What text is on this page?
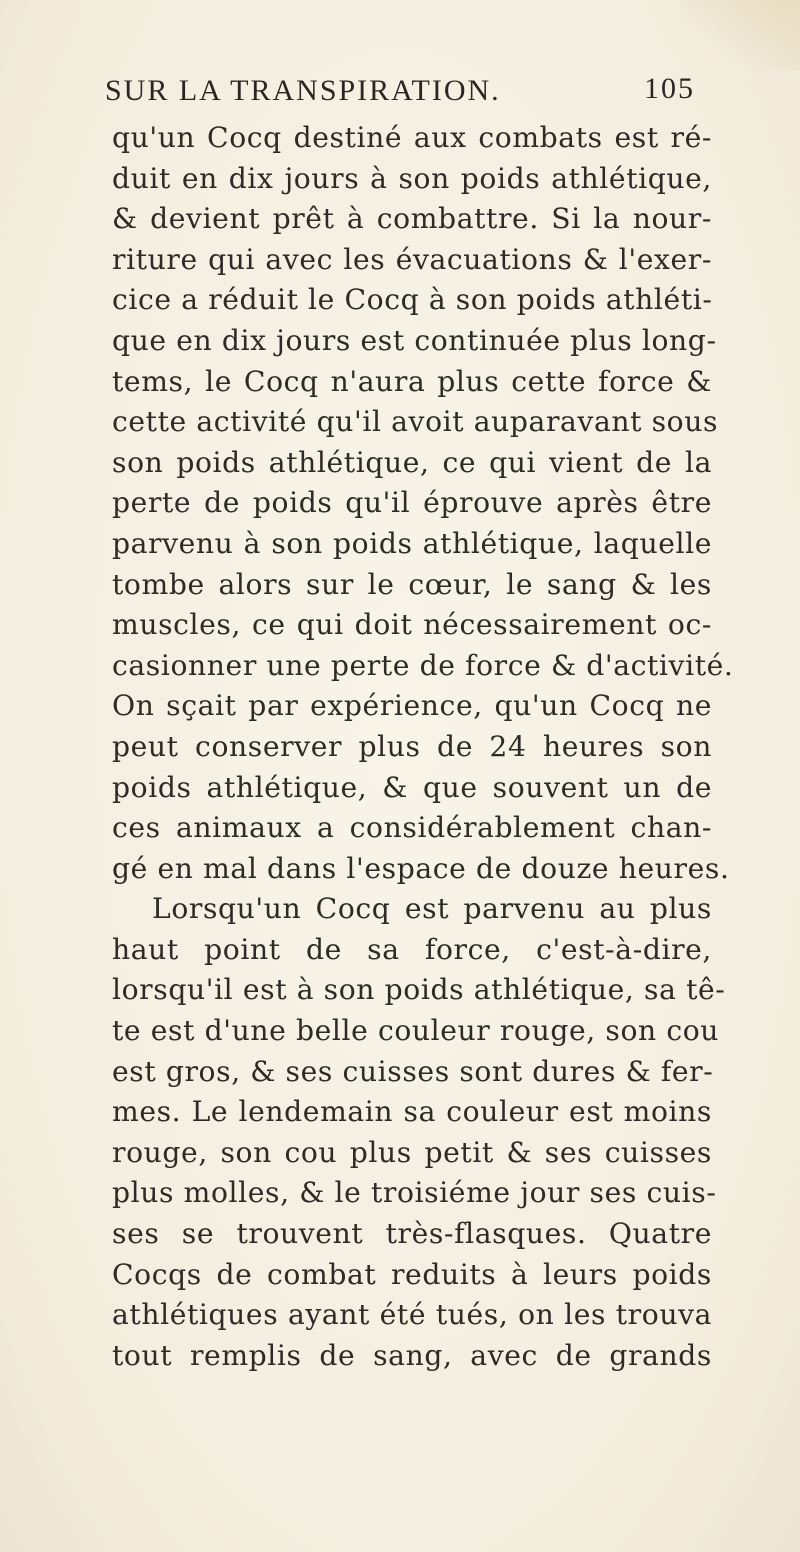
SUR LA TRANSPIRATION.	105
qu'un Cocq destiné aux combats est ré-
duit en dix jours à son poids athlétique,
& devient prêt à combattre. Si la nour-
riture qui avec les évacuations & l'exer-
cice a réduit le Cocq à son poids athléti-
que en dix jours est continuée plus long-
tems, le Cocq n'aura plus cette force &
cette activité qu'il avoit auparavant sous
son poids athlétique, ce qui vient de la
perte de poids qu'il éprouve après être
parvenu à son poids athlétique, laquelle
tombe alors sur le cœur, le sang & les
muscles, ce qui doit nécessairement oc-
casionner une perte de force & d'activité.
On sçait par expérience, qu'un Cocq ne
peut conserver plus de 24 heures son
poids athlétique, & que souvent un de
ces animaux a considérablement chan-
gé en mal dans l'espace de douze heures.
Lorsqu'un Cocq est parvenu au plus
haut point de sa force, c'est-à-dire,
lorsqu'il est à son poids athlétique, sa tê-
te est d'une belle couleur rouge, son cou
est gros, & ses cuisses sont dures & fer-
mes. Le lendemain sa couleur est moins
rouge, son cou plus petit & ses cuisses
plus molles, & le troisiéme jour ses cuis-
ses se trouvent très-flasques. Quatre
Cocqs de combat reduits à leurs poids
athlétiques ayant été tués, on les trouva
tout remplis de sang, avec de grands
